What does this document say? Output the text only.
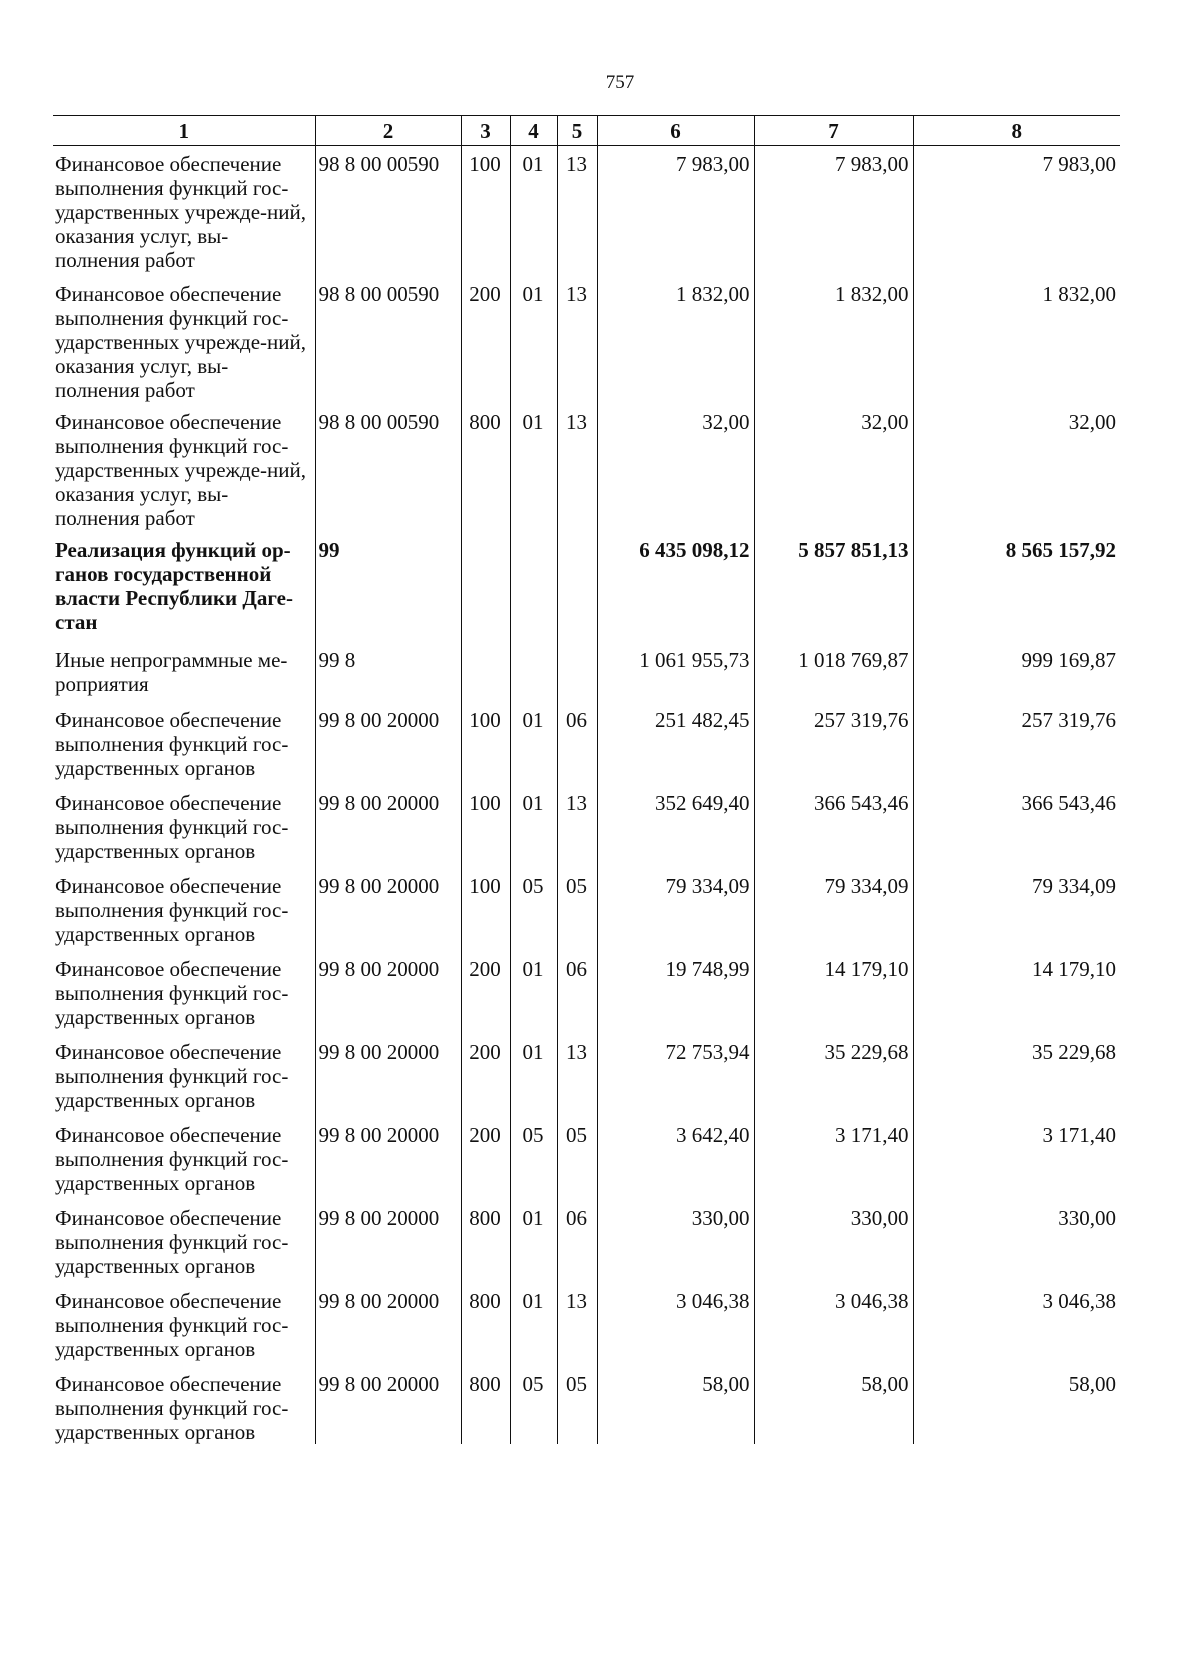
757
1	2	3	4	5	6	7	8
Финансовое обеспечение выполнения функций гос-ударственных учрежде-ний, оказания услуг, вы-полнения работ	98 8 00 00590	100	01	13	7 983,00	7 983,00	7 983,00
Финансовое обеспечение выполнения функций гос-ударственных учрежде-ний, оказания услуг, вы-полнения работ	98 8 00 00590	200	01	13	1 832,00	1 832,00	1 832,00
Финансовое обеспечение выполнения функций гос-ударственных учрежде-ний, оказания услуг, вы-полнения работ	98 8 00 00590	800	01	13	32,00	32,00	32,00
Реализация функций ор-ганов государственной власти Республики Даге-стан	99				6 435 098,12	5 857 851,13	8 565 157,92
Иные непрограммные ме-роприятия	99 8				1 061 955,73	1 018 769,87	999 169,87
Финансовое обеспечение выполнения функций гос-ударственных органов	99 8 00 20000	100	01	06	251 482,45	257 319,76	257 319,76
Финансовое обеспечение выполнения функций гос-ударственных органов	99 8 00 20000	100	01	13	352 649,40	366 543,46	366 543,46
Финансовое обеспечение выполнения функций гос-ударственных органов	99 8 00 20000	100	05	05	79 334,09	79 334,09	79 334,09
Финансовое обеспечение выполнения функций гос-ударственных органов	99 8 00 20000	200	01	06	19 748,99	14 179,10	14 179,10
Финансовое обеспечение выполнения функций гос-ударственных органов	99 8 00 20000	200	01	13	72 753,94	35 229,68	35 229,68
Финансовое обеспечение выполнения функций гос-ударственных органов	99 8 00 20000	200	05	05	3 642,40	3 171,40	3 171,40
Финансовое обеспечение выполнения функций гос-ударственных органов	99 8 00 20000	800	01	06	330,00	330,00	330,00
Финансовое обеспечение выполнения функций гос-ударственных органов	99 8 00 20000	800	01	13	3 046,38	3 046,38	3 046,38
Финансовое обеспечение выполнения функций гос-ударственных органов	99 8 00 20000	800	05	05	58,00	58,00	58,00
